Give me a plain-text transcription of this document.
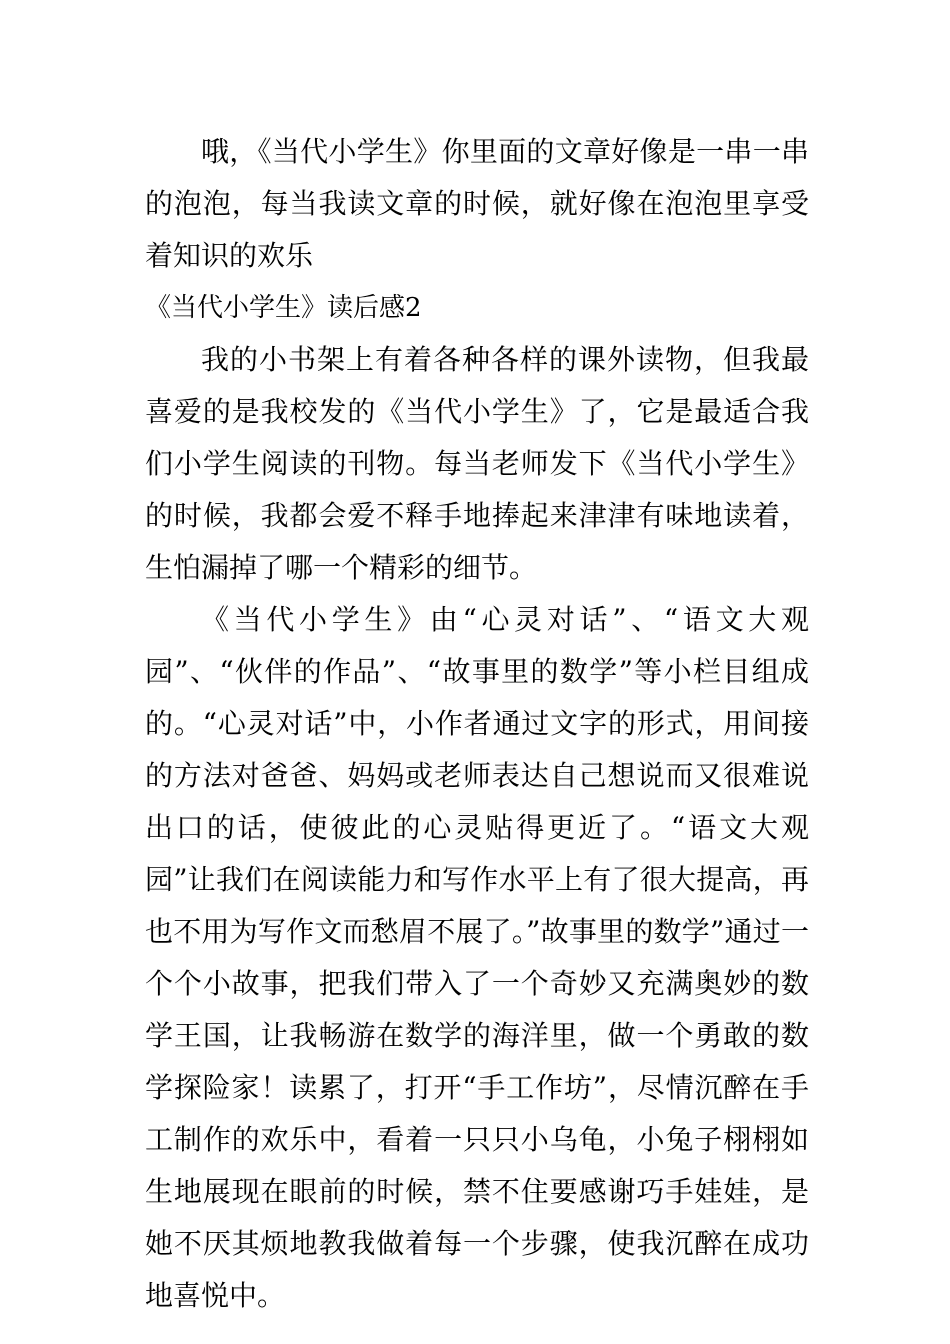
哦，《当代小学生》你里面的文章好像是一串一串的泡泡，每当我读文章的时候，就好像在泡泡里享受着知识的欢乐

《当代小学生》读后感2

我的小书架上有着各种各样的课外读物，但我最喜爱的是我校发的《当代小学生》了，它是最适合我们小学生阅读的刊物。每当老师发下《当代小学生》的时候，我都会爱不释手地捧起来津津有味地读着，生怕漏掉了哪一个精彩的细节。

《当代小学生》由“心灵对话”、“语文大观园”、“伙伴的作品”、“故事里的数学”等小栏目组成的。“心灵对话”中，小作者通过文字的形式，用间接的方法对爸爸、妈妈或老师表达自己想说而又很难说出口的话，使彼此的心灵贴得更近了。“语文大观园”让我们在阅读能力和写作水平上有了很大提高，再也不用为写作文而愁眉不展了。”故事里的数学”通过一个个小故事，把我们带入了一个奇妙又充满奥妙的数学王国，让我畅游在数学的海洋里，做一个勇敢的数学探险家！读累了，打开“手工作坊”，尽情沉醉在手工制作的欢乐中，看着一只只小乌龟，小兔子栩栩如生地展现在眼前的时候，禁不住要感谢巧手娃娃，是她不厌其烦地教我做着每一个步骤，使我沉醉在成功地喜悦中。
